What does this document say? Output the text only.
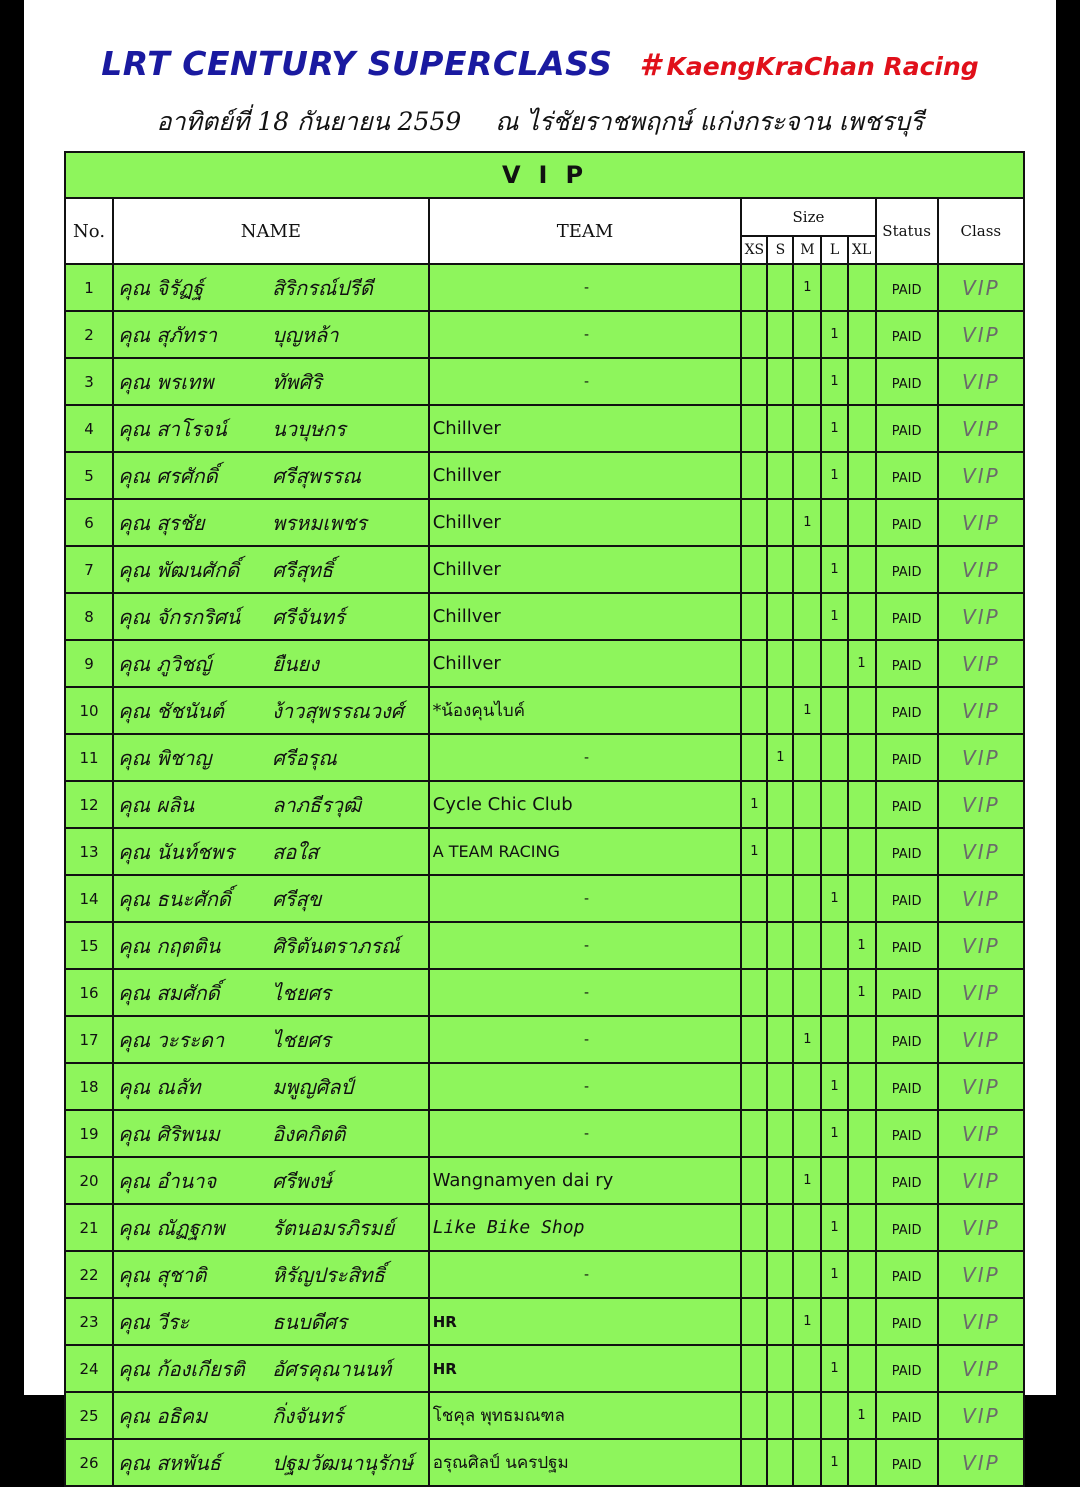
LRT CENTURY SUPERCLASS # KaengKraChan Racing
อาทิตย์ที่ 18 กันยายน 2559 ณ ไร่ชัยราชพฤกษ์ แก่งกระจาน เพชรบุรี
VIP									
No.	NAME	TEAM	Size					Status	Class
			XS	S	M	L	XL		
1	คุณ จิรัฏฐ์ สิริกรณ์ปรีดี	-			1			PAID	VIP
2	คุณ สุภัทรา บุญหล้า	-				1		PAID	VIP
3	คุณ พรเทพ ทัพศิริ	-				1		PAID	VIP
4	คุณ สาโรจน์ นวบุษกร	Chillver				1		PAID	VIP
5	คุณ ศรศักดิ์ ศรีสุพรรณ	Chillver				1		PAID	VIP
6	คุณ สุรชัย พรหมเพชร	Chillver			1			PAID	VIP
7	คุณ พัฒนศักดิ์ ศรีสุทธิ์	Chillver				1		PAID	VIP
8	คุณ จักรกริศน์ ศรีจันทร์	Chillver				1		PAID	VIP
9	คุณ ภูวิชญ์ ยืนยง	Chillver					1	PAID	VIP
10	คุณ ชัชนันต์ ง้าวสุพรรณวงศ์	*น้องคุนไบค์			1			PAID	VIP
11	คุณ พิชาญ ศรีอรุณ	-		1				PAID	VIP
12	คุณ ผลิน ลาภธีรวุฒิ	Cycle Chic Club	1					PAID	VIP
13	คุณ นันท์ชพร สอใส	A TEAM RACING	1					PAID	VIP
14	คุณ ธนะศักดิ์ ศรีสุข	-				1		PAID	VIP
15	คุณ กฤตติน ศิริตันตราภรณ์	-					1	PAID	VIP
16	คุณ สมศักดิ์ ไชยศร	-					1	PAID	VIP
17	คุณ วะระดา ไชยศร	-			1			PAID	VIP
18	คุณ ณลัท มพูญศิลป์	-				1		PAID	VIP
19	คุณ ศิริพนม อิงคกิตติ	-				1		PAID	VIP
20	คุณ อำนาจ ศรีพงษ์	Wangnamyen dai ry			1			PAID	VIP
21	คุณ ณัฏฐกพ รัตนอมรภิรมย์	Like Bike Shop				1		PAID	VIP
22	คุณ สุชาติ หิรัญประสิทธิ์	-				1		PAID	VIP
23	คุณ วีระ ธนบดีศร	HR			1			PAID	VIP
24	คุณ ก้องเกียรติ อัศรคุณานนท์	HR				1		PAID	VIP
25	คุณ อธิคม กิ่งจันทร์	โชคุล พุทธมณฑล					1	PAID	VIP
26	คุณ สหพันธ์ ปฐมวัฒนานุรักษ์	อรุณศิลป์ นครปฐม				1		PAID	VIP
